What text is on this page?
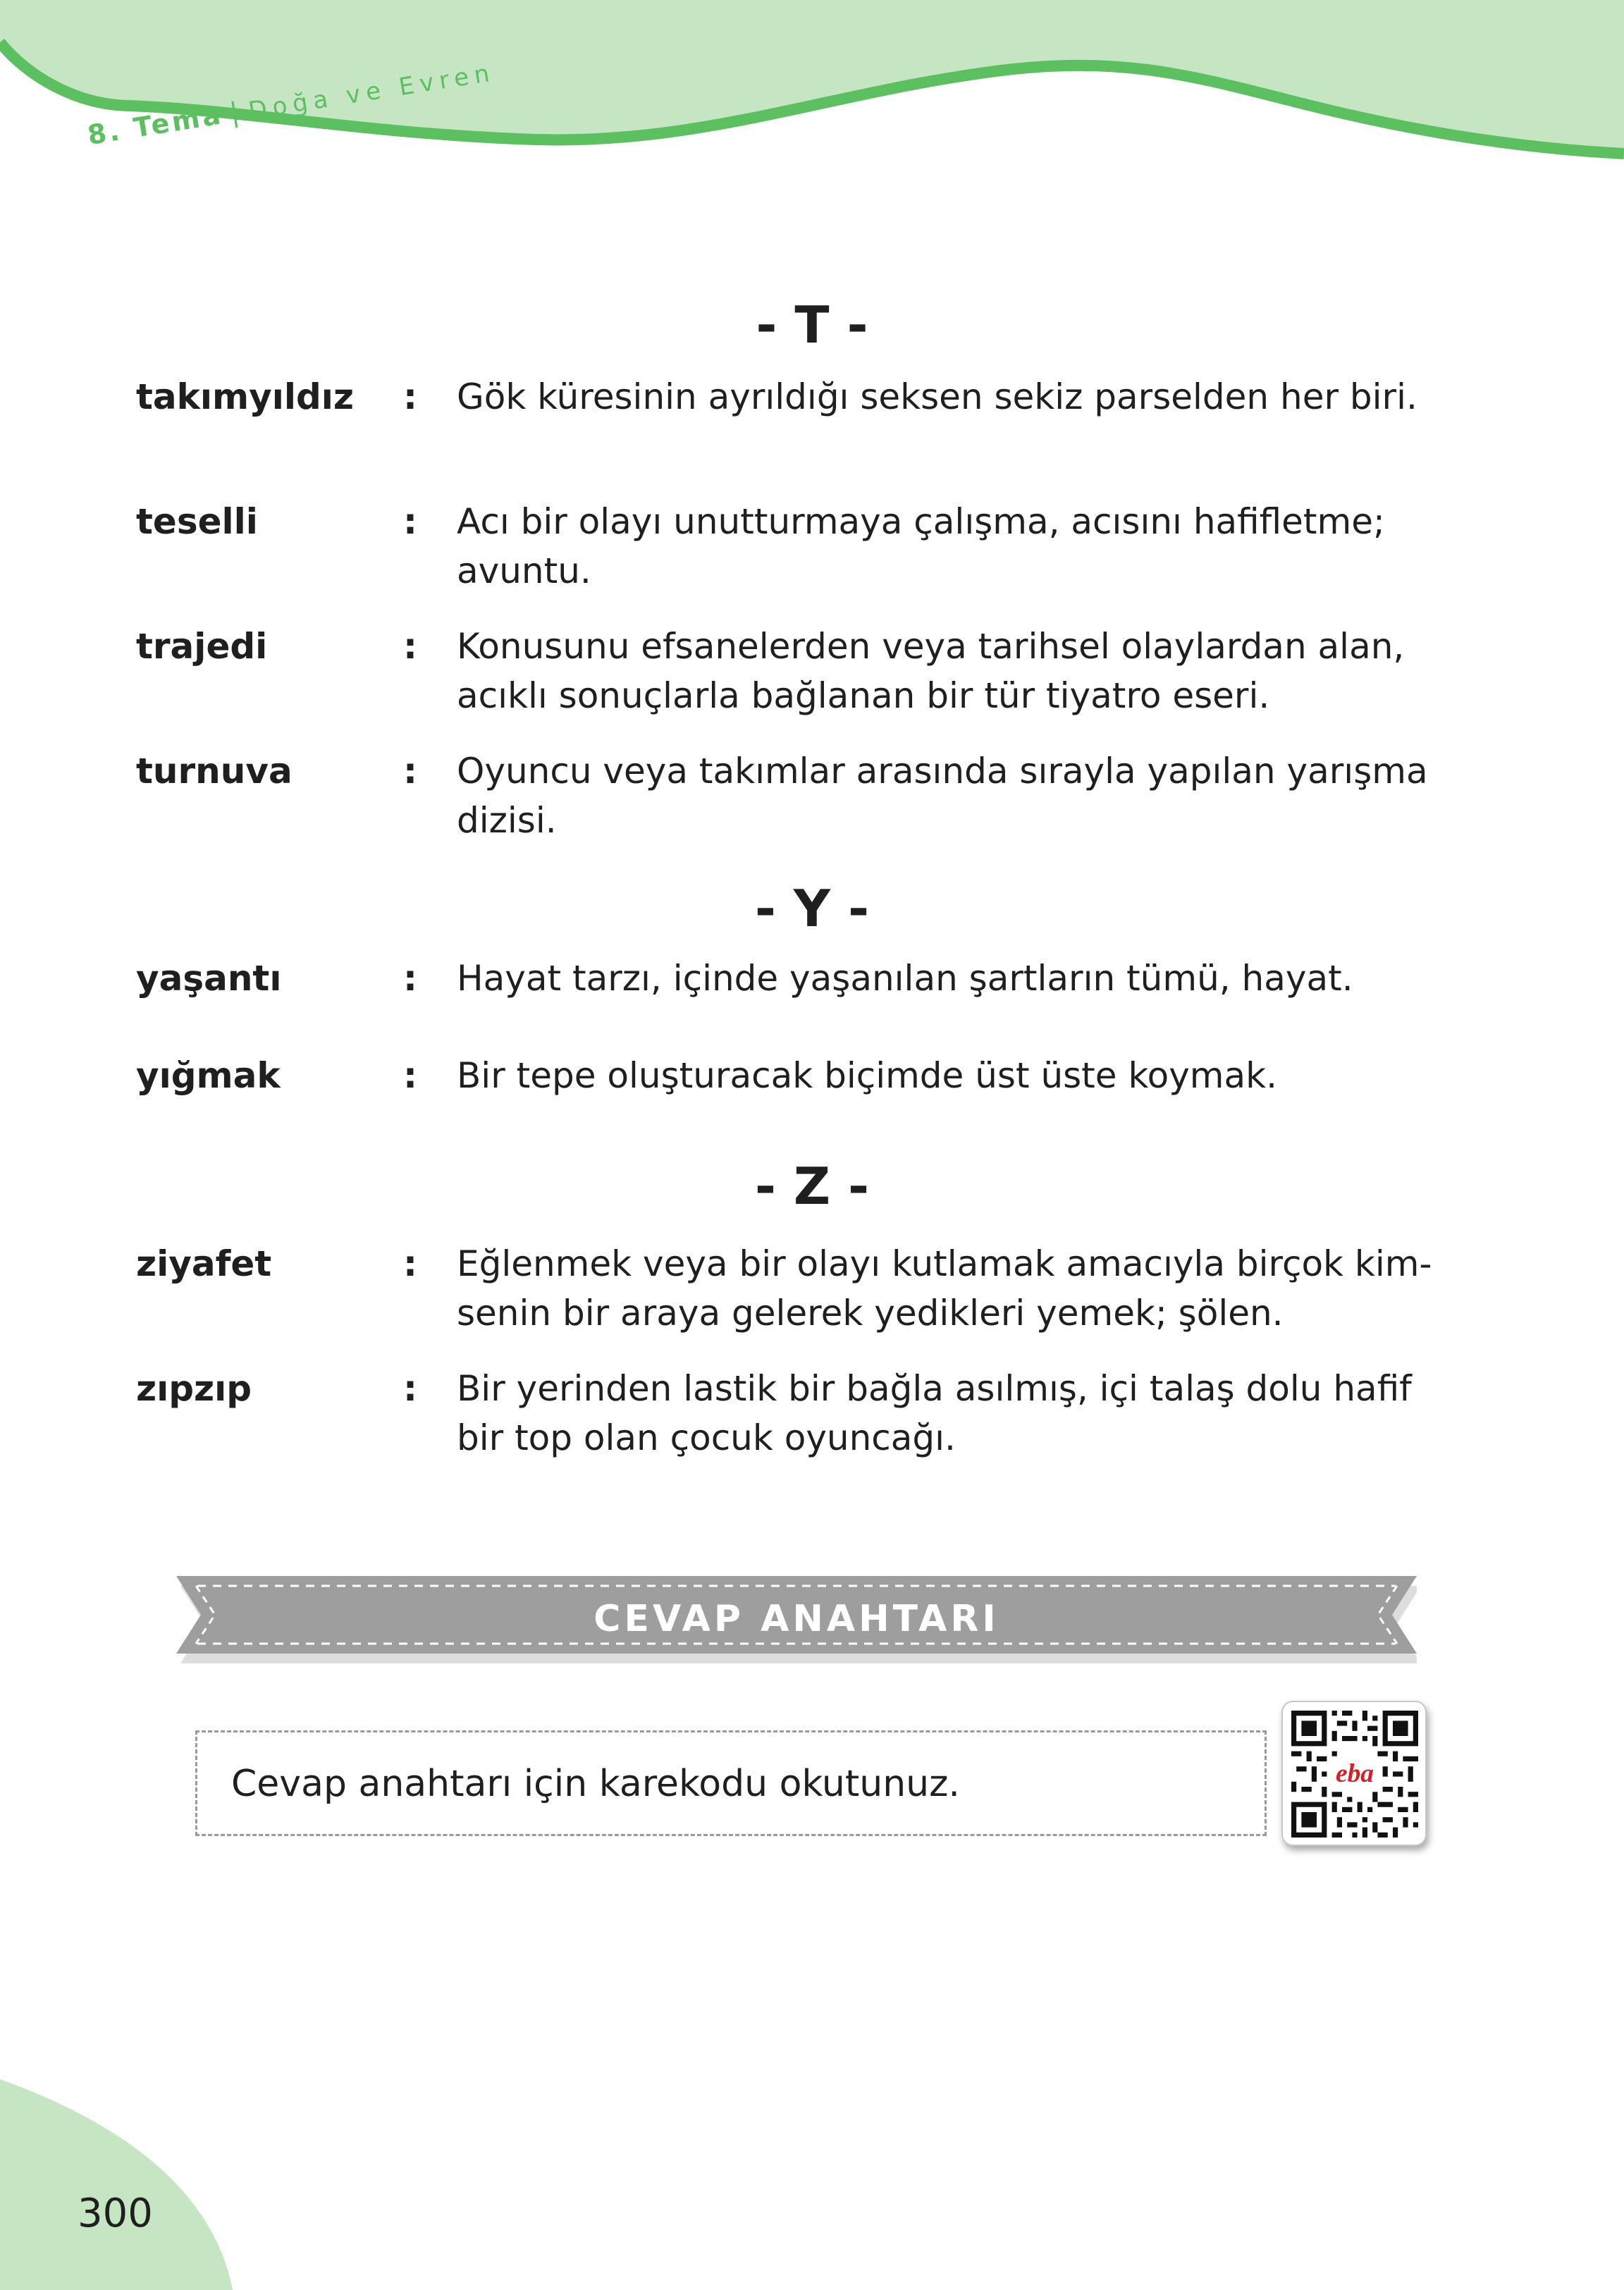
8. Tema| Doğa ve Evren
- T -
takımyıldız : Gök küresinin ayrıldığı seksen sekiz parselden her biri.
teselli	: Acı bir olayı unutturmaya çalışma, acısını hafifletme;
avuntu.
trajedi	: Konusunu efsanelerden veya tarihsel olaylardan alan,
acıklı sonuçlarla bağlanan bir tür tiyatro eseri.
turnuva	: Oyuncu veya takımlar arasında sırayla yapılan yarışma
dizisi.
- Y -
yaşantı	: Hayat tarzı, içinde yaşanılan şartların tümü, hayat.
yığmak	: Bir tepe oluşturacak biçimde üst üste koymak.
- Z -
ziyafet	: Eğlenmek veya bir olayı kutlamak amacıyla birçok kim-
senin bir araya gelerek yedikleri yemek; şölen.
zıpzıp	: Bir yerinden lastik bir bağla asılmış, içi talaş dolu hafif
bir top olan çocuk oyuncağı.
CEVAP ANAHTARI
Cevap anahtarı için karekodu okutunuz.	eba
300
